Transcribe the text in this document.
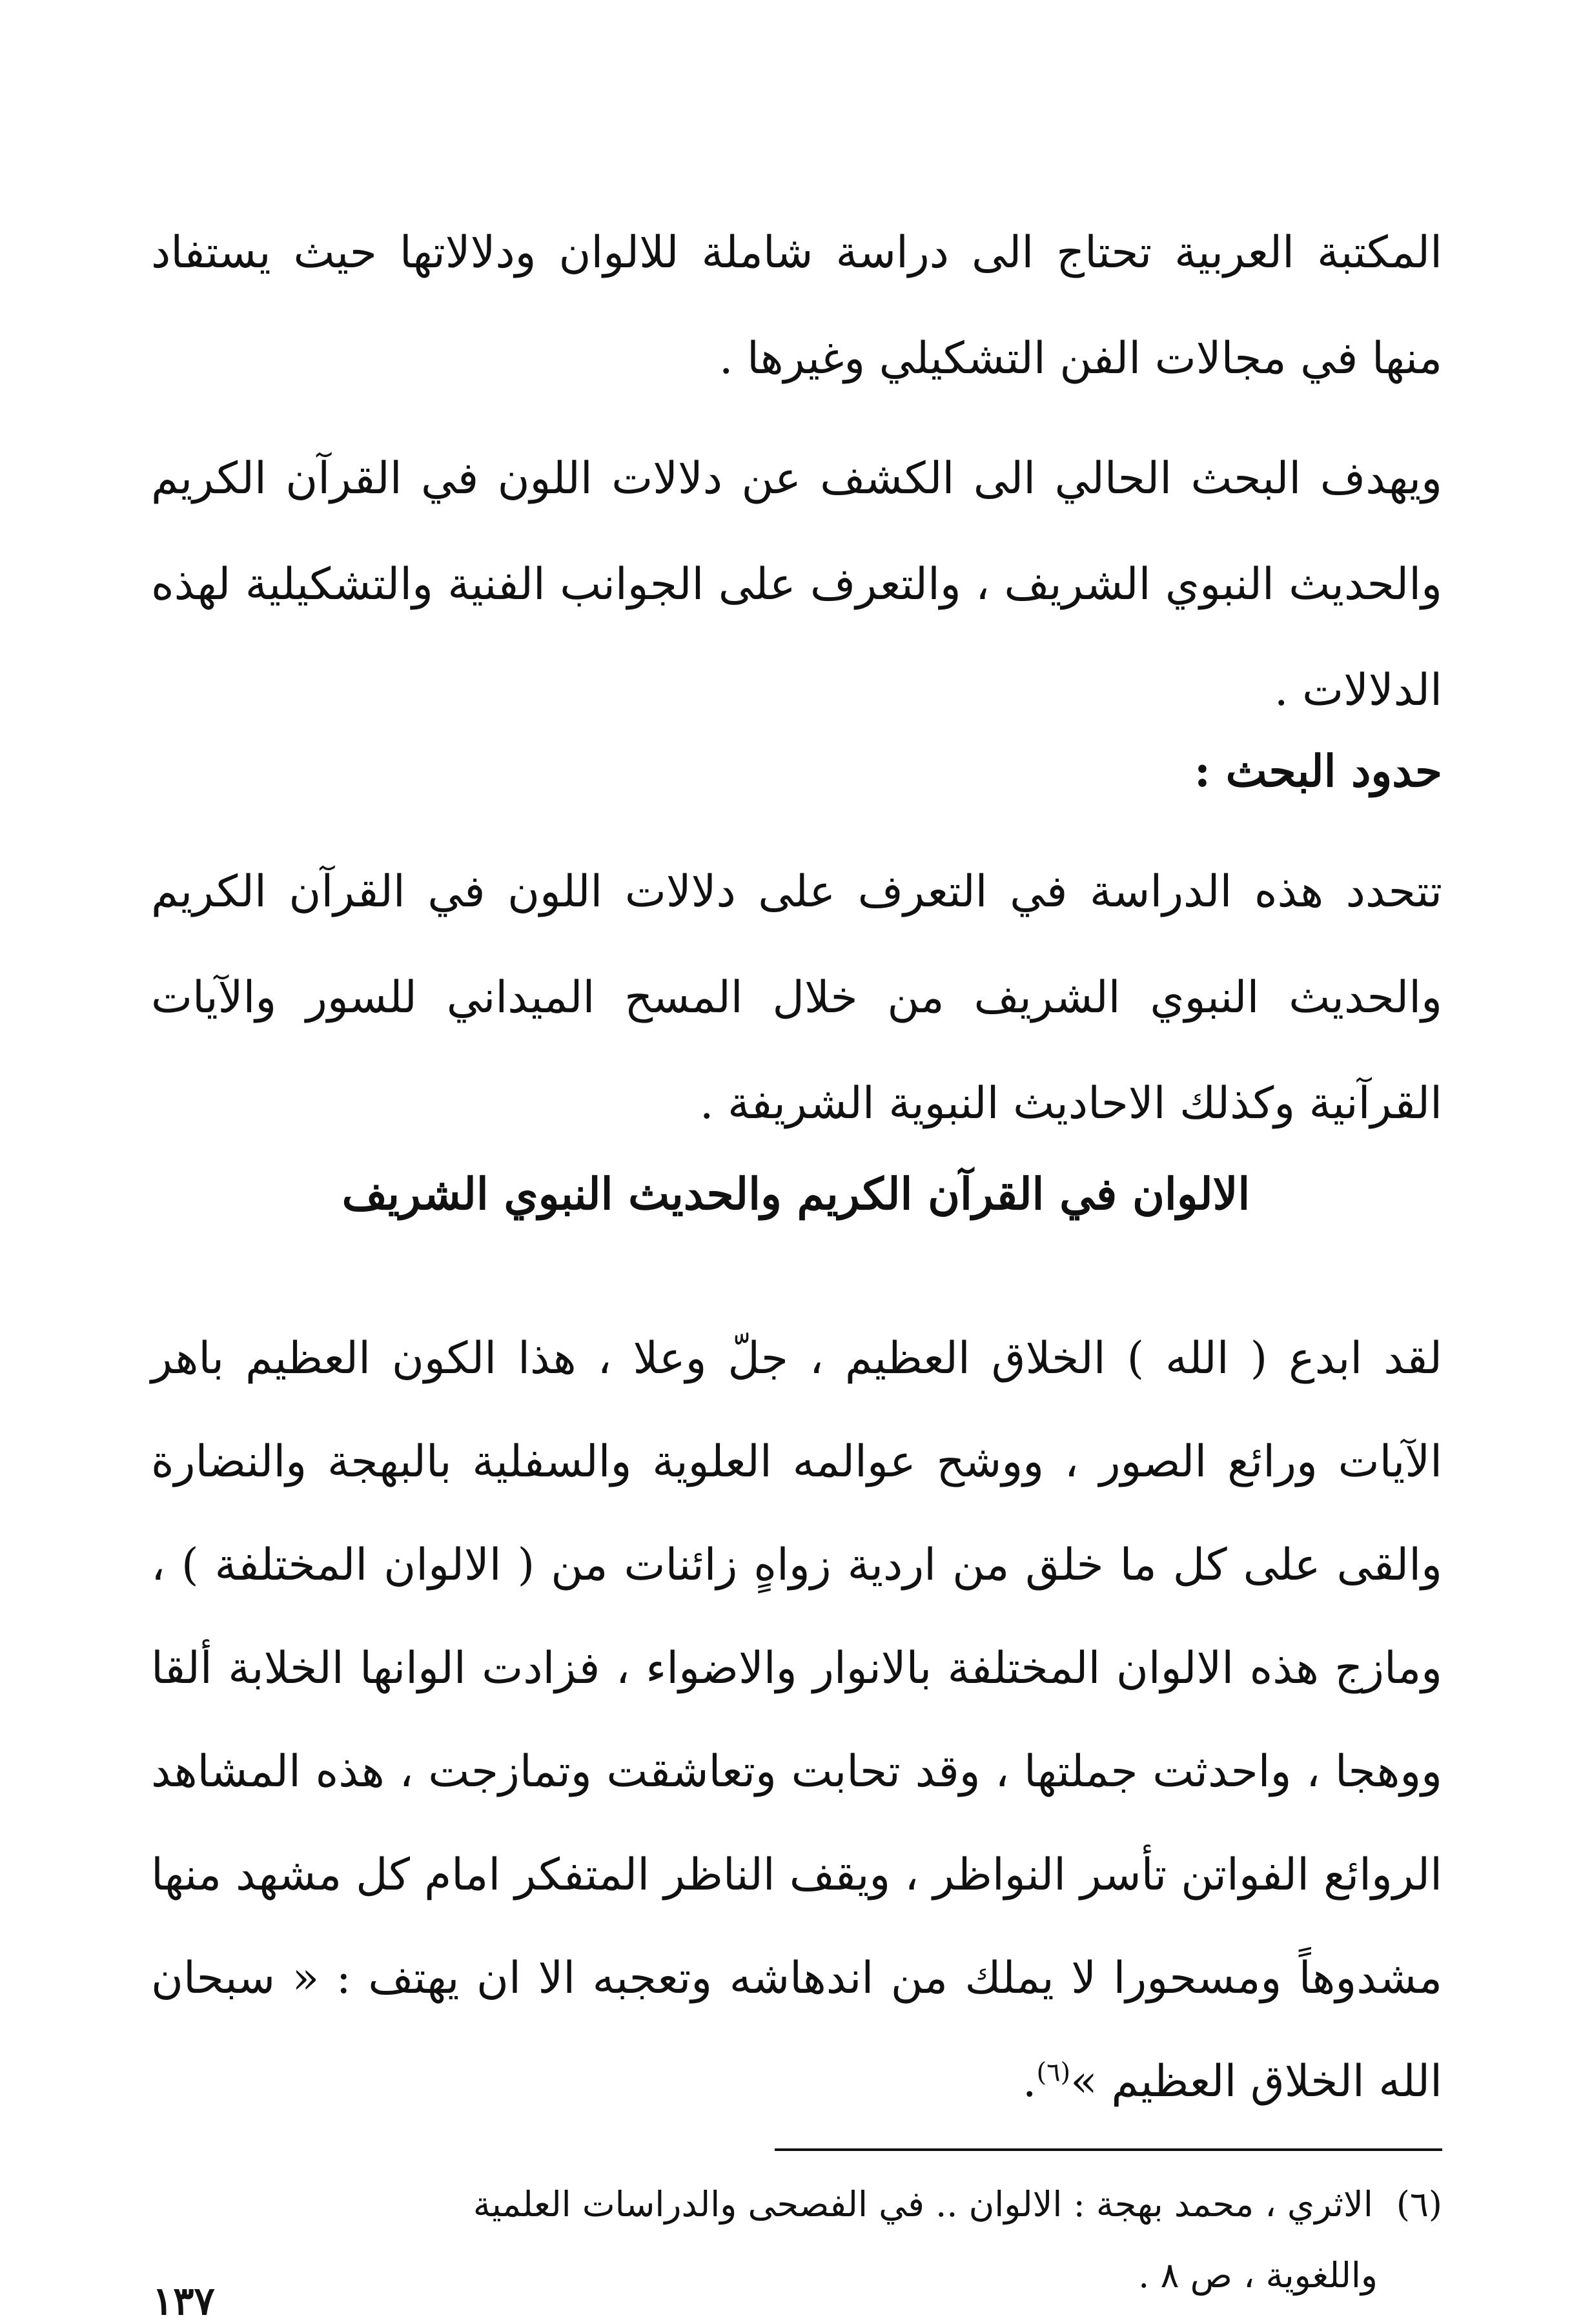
المكتبة العربية تحتاج الى دراسة شاملة للالوان ودلالاتها حيث يستفاد منها في مجالات الفن التشكيلي وغيرها .

ويهدف البحث الحالي الى الكشف عن دلالات اللون في القرآن الكريم والحديث النبوي الشريف ، والتعرف على الجوانب الفنية والتشكيلية لهذه الدلالات .

حدود البحث :

تتحدد هذه الدراسة في التعرف على دلالات اللون في القرآن الكريم والحديث النبوي الشريف من خلال المسح الميداني للسور والآيات القرآنية وكذلك الاحاديث النبوية الشريفة .

الالوان في القرآن الكريم والحديث النبوي الشريف

لقد ابدع ( الله ) الخلاق العظيم ، جلّ وعلا ، هذا الكون العظيم باهر الآيات ورائع الصور ، ووشح عوالمه العلوية والسفلية بالبهجة والنضارة والقى على كل ما خلق من اردية زواهٍ زائنات من ( الالوان المختلفة ) ، ومازج هذه الالوان المختلفة بالانوار والاضواء ، فزادت الوانها الخلابة ألقا ووهجا ، واحدثت جملتها ، وقد تحابت وتعاشقت وتمازجت ، هذه المشاهد الروائع الفواتن تأسر النواظر ، ويقف الناظر المتفكر امام كل مشهد منها مشدوهاً ومسحورا لا يملك من اندهاشه وتعجبه الا ان يهتف : « سبحان الله الخلاق العظيم »$^{(٦)}$.

(٦)الاثري ، محمد بهجة : الالوان .. في الفصحى والدراسات العلمية
واللغوية ، ص ٨ .

١٣٧
